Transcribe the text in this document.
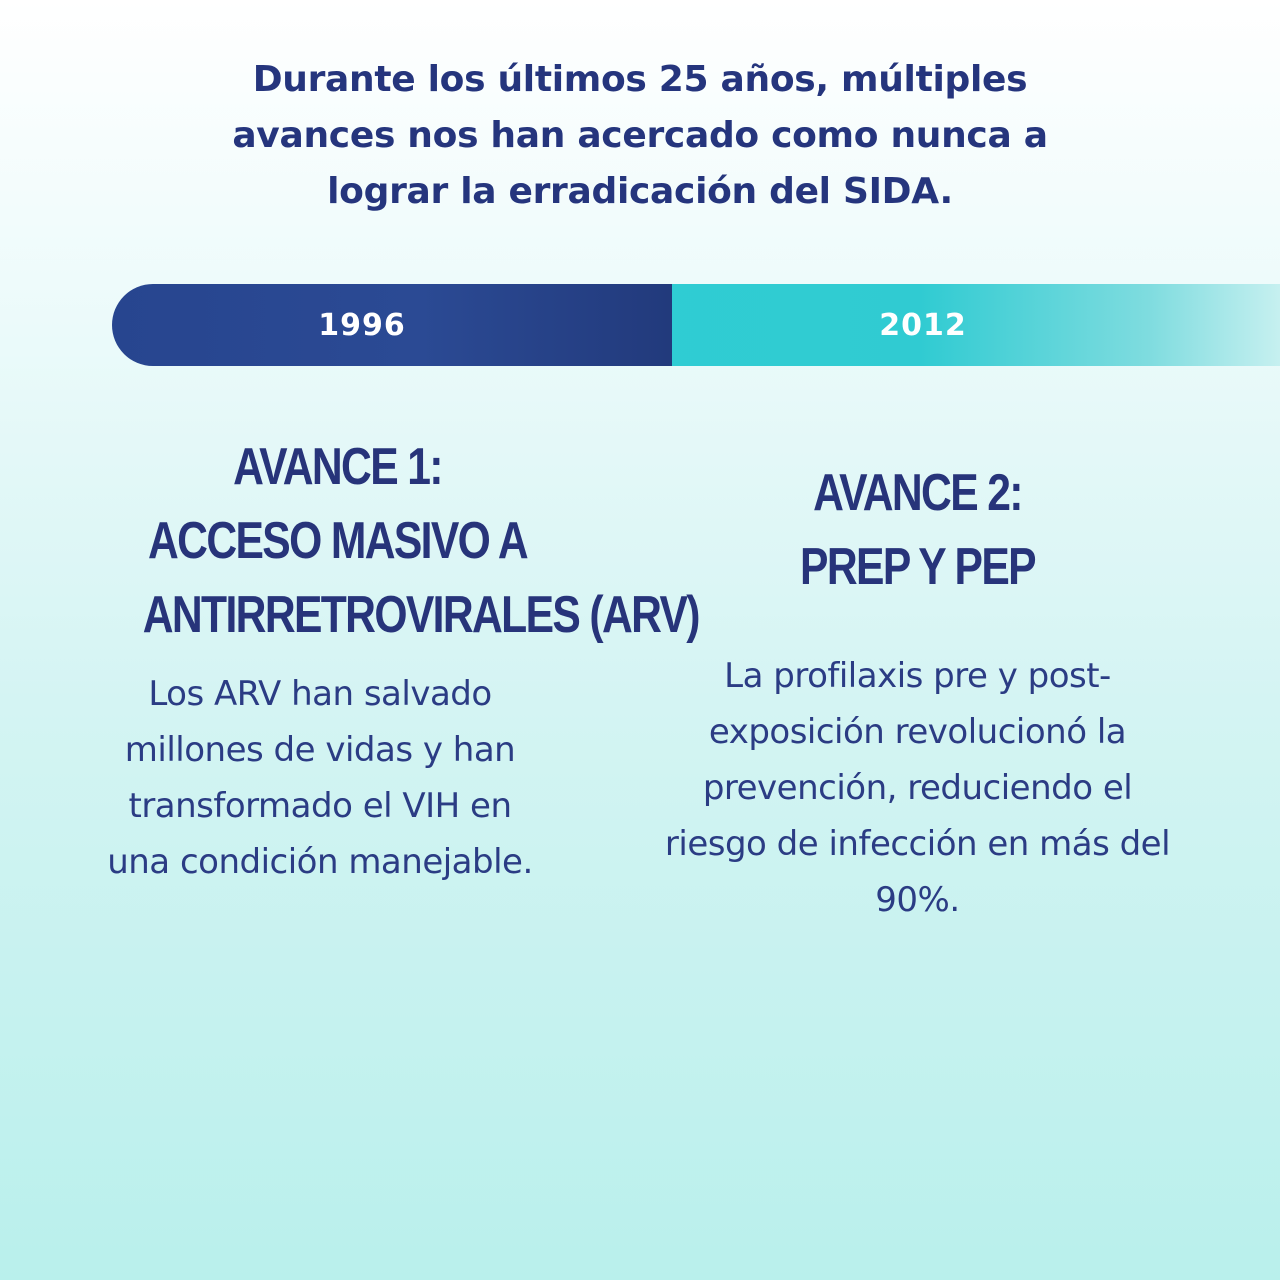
Durante los últimos 25 años, múltiples
avances nos han acercado como nunca a
lograr la erradicación del SIDA.

2012
1996
AVANCE 1:
ACCESO MASIVO A
ANTIRRETROVIRALES (ARV)

Los ARV han salvado millones de vidas y han transformado el VIH en una condición manejable.

AVANCE 2:
PREP Y PEP

La profilaxis pre y post-exposición revolucionó la prevención, reduciendo el riesgo de infección en más del 90%.
